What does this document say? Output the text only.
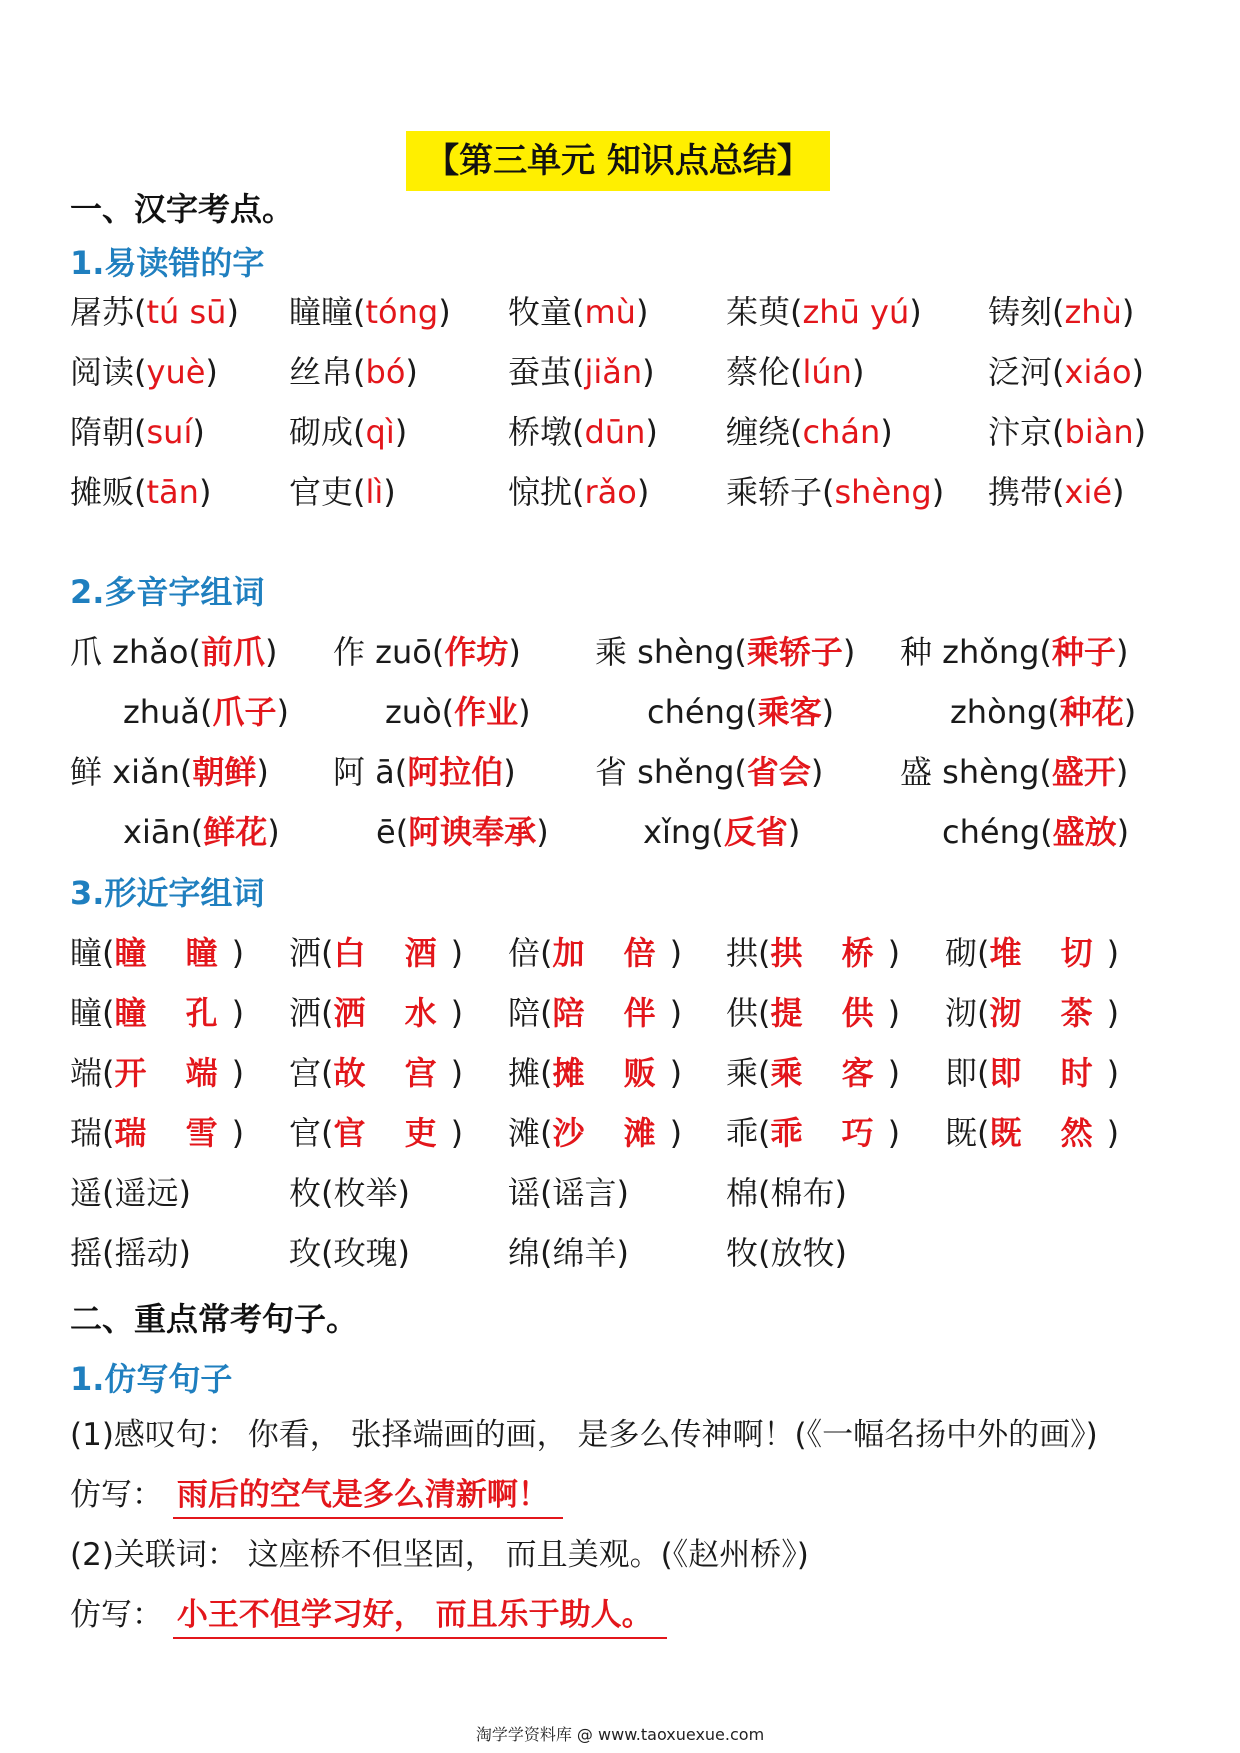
【第三单元 知识点总结】
一、汉字考点。
1.易读错的字
屠苏(tú sū) 瞳瞳(tóng) 牧童(mù) 茱萸(zhū yú) 铸刻(zhù)
阅读(yuè) 丝帛(bó)	蚕茧(jiǎn) 蔡伦(lún)	泛河(xiáo)
隋朝(suí)	砌成(qì)	桥墩(dūn) 缠绕(chán)	汴京(biàn)
摊贩(tān) 官吏(lì)	惊扰(rǎo) 乘轿子(shèng) 携带(xié)
2.多音字组词
爪 zhǎo(前爪) 作 zuō(作坊) 乘 shèng(乘轿子) 种 zhǒng(种子)
zhuǎ(爪子)	zuò(作业)	chéng(乘客)	zhòng(种花)
鲜 xiǎn(朝鲜) 阿 ā(阿拉伯) 省 shěng(省会) 盛 shèng(盛开)
xiān(鲜花)	ē(阿谀奉承)	xǐng(反省)	chéng(盛放)
3.形近字组词
瞳(瞳 瞳) 洒(白 酒) 倍(加 倍) 拱(拱 桥) 砌(堆 切)
瞳(瞳 孔) 洒(洒 水) 陪(陪 伴) 供(提 供) 沏(沏 茶)
端(开 端) 宫(故 宫) 摊(摊 贩) 乘(乘 客) 即(即 时)
瑞(瑞 雪) 官(官 吏) 滩(沙 滩) 乖(乖 巧) 既(既 然)
遥(遥远)	枚(枚举)	谣(谣言)	棉(棉布)
摇(摇动)	玫(玫瑰)	绵(绵羊)	牧(放牧)
二、重点常考句子。
1.仿写句子
(1)感叹句： 你看， 张择端画的画， 是多么传神啊！(《一幅名扬中外的画》)
仿写： 雨后的空气是多么清新啊！
(2)关联词： 这座桥不但坚固， 而且美观。(《赵州桥》)
仿写： 小王不但学习好， 而且乐于助人。
淘学学资料库 @ www.taoxuexue.com
